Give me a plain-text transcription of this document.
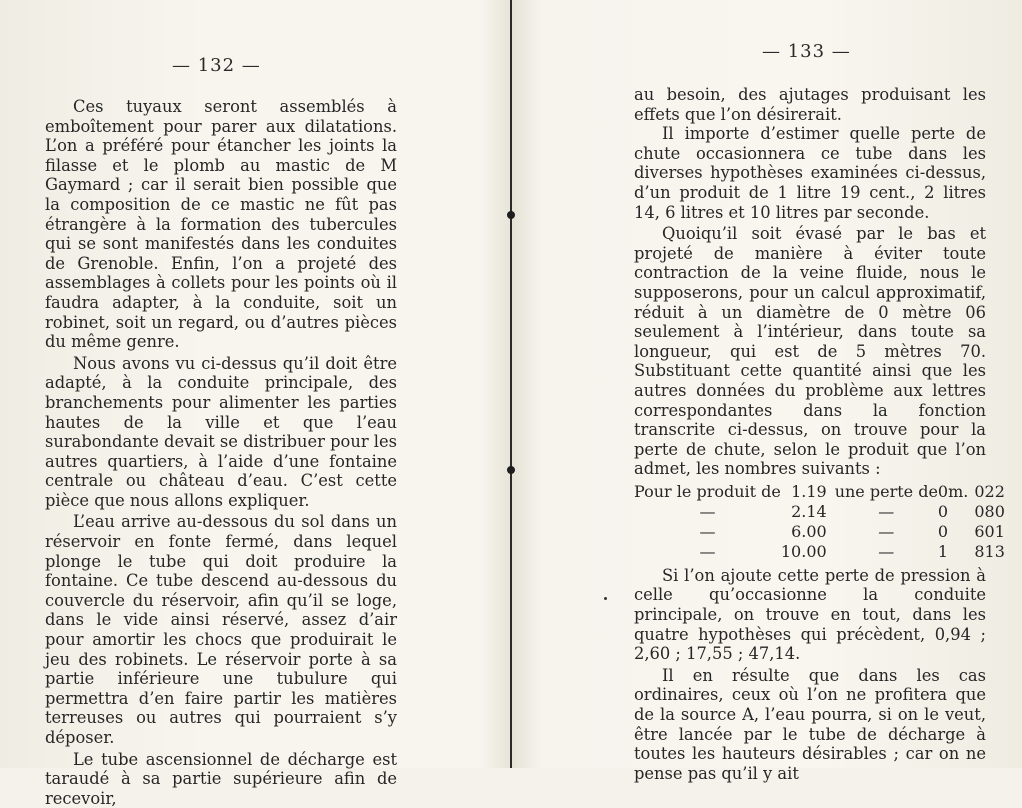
— 132 —

Ces tuyaux seront assemblés à emboîtement pour parer aux dilatations. L’on a préféré pour étancher les joints la filasse et le plomb au mastic de M Gaymard ; car il serait bien possible que la composition de ce mastic ne fût pas étrangère à la formation des tubercules qui se sont manifestés dans les conduites de Grenoble. Enfin, l’on a projeté des assemblages à collets pour les points où il faudra adapter, à la conduite, soit un robinet, soit un regard, ou d’autres pièces du même genre.

Nous avons vu ci-dessus qu’il doit être adapté, à la conduite principale, des branchements pour alimenter les parties hautes de la ville et que l’eau surabondante devait se distribuer pour les autres quartiers, à l’aide d’une fontaine centrale ou château d’eau. C’est cette pièce que nous allons expliquer.

L’eau arrive au-dessous du sol dans un réservoir en fonte fermé, dans lequel plonge le tube qui doit produire la fontaine. Ce tube descend au-dessous du couvercle du réservoir, afin qu’il se loge, dans le vide ainsi réservé, assez d’air pour amortir les chocs que produirait le jeu des robinets. Le réservoir porte à sa partie inférieure une tubulure qui permettra d’en faire partir les matières terreuses ou autres qui pourraient s’y déposer.

Le tube ascensionnel de décharge est taraudé à sa partie supérieure afin de recevoir,

— 133 —

au besoin, des ajutages produisant les effets que l’on désirerait.

Il importe d’estimer quelle perte de chute occasionnera ce tube dans les diverses hypothèses examinées ci-dessus, d’un produit de 1 litre 19 cent., 2 litres 14, 6 litres et 10 litres par seconde.

Quoiqu’il soit évasé par le bas et projeté de manière à éviter toute contraction de la veine fluide, nous le supposerons, pour un calcul approximatif, réduit à un diamètre de 0 mètre 06 seulement à l’intérieur, dans toute sa longueur, qui est de 5 mètres 70. Substituant cette quantité ainsi que les autres données du problème aux lettres correspondantes dans la fonction transcrite ci-dessus, on trouve pour la perte de chute, selon le produit que l’on admet, les nombres suivants :

Pour le produit de	1.19	une perte de	0	m.	022
—	2.14	—	0		080
—	6.00	—	0		601
—	10.00	—	1		813

Si l’on ajoute cette perte de pression à celle qu’occasionne la conduite principale, on trouve en tout, dans les quatre hypothèses qui précèdent, 0,94 ; 2,60 ; 17,55 ; 47,14.

Il en résulte que dans les cas ordinaires, ceux où l’on ne profitera que de la source A, l’eau pourra, si on le veut, être lancée par le tube de décharge à toutes les hauteurs désirables ; car on ne pense pas qu’il y ait
